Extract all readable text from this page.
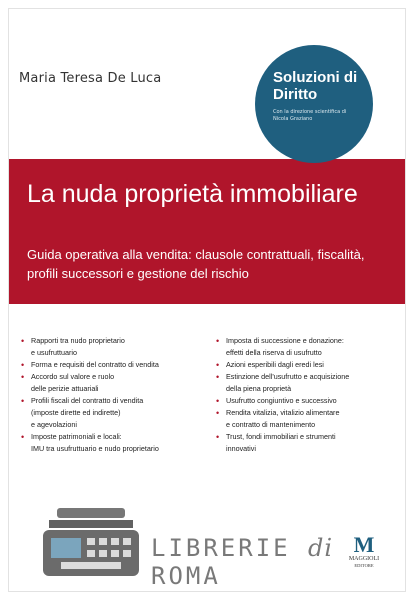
Maria Teresa De Luca	Soluzioni di Diritto
Con la direzione scientifica di Nicola Graziano
La nuda proprietà immobiliare

Guida operativa alla vendita: clausole contrattuali, fiscalità, profili successori e gestione del rischio

• Rapporti tra nudo proprietario
e usufruttuario
• Forma e requisiti del contratto di vendita
• Accordo sul valore e ruolo
delle perizie attuariali
• Profili fiscali del contratto di vendita
(imposte dirette ed indirette)
e agevolazioni
• Imposte patrimoniali e locali:
IMU tra usufruttuario e nudo proprietario
• Imposta di successione e donazione:
effetti della riserva di usufrutto
• Azioni esperibili dagli eredi lesi
• Estinzione dell'usufrutto e acquisizione
della piena proprietà
• Usufrutto congiuntivo e successivo
• Rendita vitalizia, vitalizio alimentare
e contratto di mantenimento
• Trust, fondi immobiliari e strumenti
innovativi
LIBRERIE di ROMA
M
MAGGIOLI
EDITORE
